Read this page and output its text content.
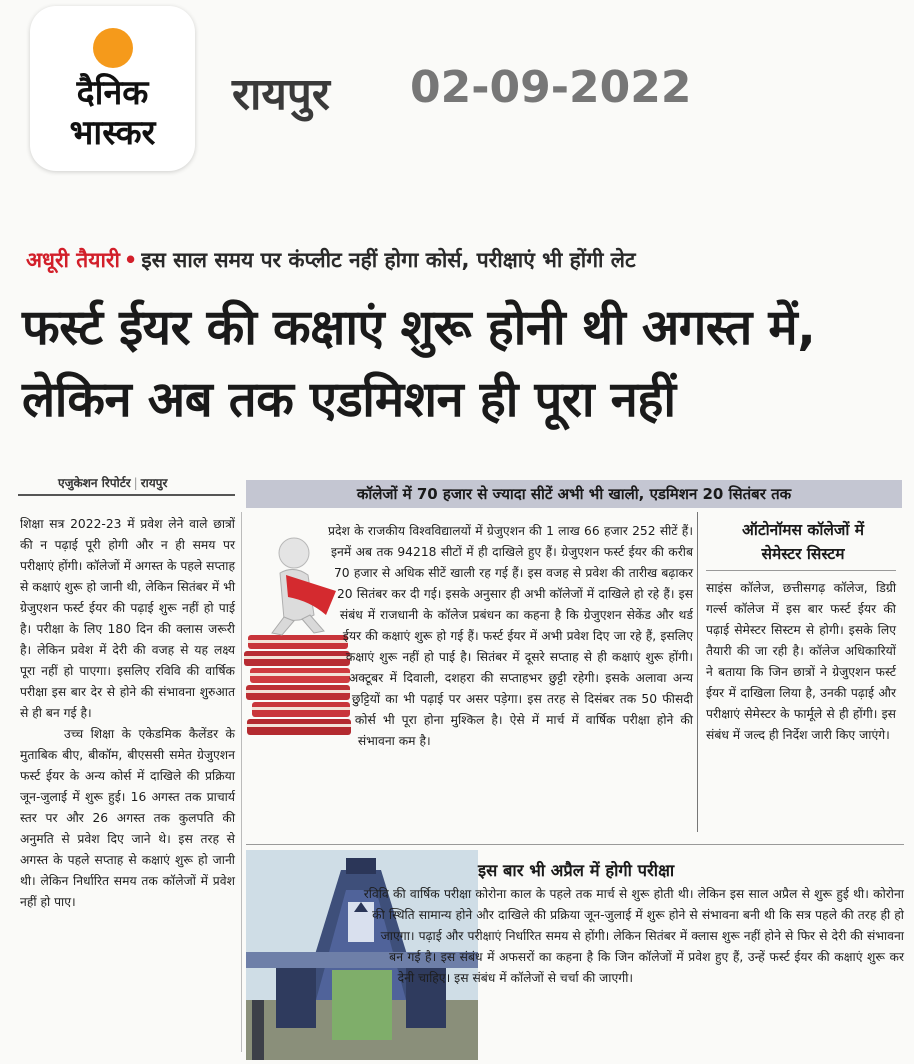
दैनिक
भास्कर
रायपुर 02-09-2022
अधूरी तैयारी • इस साल समय पर कंप्लीट नहीं होगा कोर्स, परीक्षाएं भी होंगी लेट
फर्स्ट ईयर की कक्षाएं शुरू होनी थी अगस्त में, लेकिन अब तक एडमिशन ही पूरा नहीं
एजुकेशन रिपोर्टर | रायपुर
कॉलेजों में 70 हजार से ज्यादा सीटें अभी भी खाली, एडमिशन 20 सितंबर तक

शिक्षा सत्र 2022-23 में प्रवेश लेने वाले छात्रों की न पढ़ाई पूरी होगी और न ही समय पर परीक्षाएं होंगी। कॉलेजों में अगस्त के पहले सप्ताह से कक्षाएं शुरू हो जानी थी, लेकिन सितंबर में भी ग्रेजुएशन फर्स्ट ईयर की पढ़ाई शुरू नहीं हो पाई है। परीक्षा के लिए 180 दिन की क्लास जरूरी है। लेकिन प्रवेश में देरी की वजह से यह लक्ष्य पूरा नहीं हो पाएगा। इसलिए रविवि की वार्षिक परीक्षा इस बार देर से होने की संभावना शुरुआत से ही बन गई है।

उच्च शिक्षा के एकेडमिक कैलेंडर के मुताबिक बीए, बीकॉम, बीएससी समेत ग्रेजुएशन फर्स्ट ईयर के अन्य कोर्स में दाखिले की प्रक्रिया जून-जुलाई में शुरू हुई। 16 अगस्त तक प्राचार्य स्तर पर और 26 अगस्त तक कुलपति की अनुमति से प्रवेश दिए जाने थे। इस तरह से अगस्त के पहले सप्ताह से कक्षाएं शुरू हो जानी थी। लेकिन निर्धारित समय तक कॉलेजों में प्रवेश नहीं हो पाए।

प्रदेश के राजकीय विश्वविद्यालयों में ग्रेजुएशन की 1 लाख 66 हजार 252 सीटें हैं। इनमें अब तक 94218 सीटों में ही दाखिले हुए हैं। ग्रेजुएशन फर्स्ट ईयर की करीब 70 हजार से अधिक सीटें खाली रह गई हैं। इस वजह से प्रवेश की तारीख बढ़ाकर 20 सितंबर कर दी गई। इसके अनुसार ही अभी कॉलेजों में दाखिले हो रहे हैं। इस संबंध में राजधानी के कॉलेज प्रबंधन का कहना है कि ग्रेजुएशन सेकेंड और थर्ड ईयर की कक्षाएं शुरू हो गई हैं। फर्स्ट ईयर में अभी प्रवेश दिए जा रहे हैं, इसलिए कक्षाएं शुरू नहीं हो पाई है। सितंबर में दूसरे सप्ताह से ही कक्षाएं शुरू होंगी। अक्टूबर में दिवाली, दशहरा की सप्ताहभर छुट्टी रहेगी। इसके अलावा अन्य छुट्टियों का भी पढ़ाई पर असर पड़ेगा। इस तरह से दिसंबर तक 50 फीसदी कोर्स भी पूरा होना मुश्किल है। ऐसे में मार्च में वार्षिक परीक्षा होने की संभावना कम है।

ऑटोनॉमस कॉलेजों में
सेमेस्टर सिस्टम

साइंस कॉलेज, छत्तीसगढ़ कॉलेज, डिग्री गर्ल्स कॉलेज में इस बार फर्स्ट ईयर की पढ़ाई सेमेस्टर सिस्टम से होगी। इसके लिए तैयारी की जा रही है। कॉलेज अधिकारियों ने बताया कि जिन छात्रों ने ग्रेजुएशन फर्स्ट ईयर में दाखिला लिया है, उनकी पढ़ाई और परीक्षाएं सेमेस्टर के फार्मूले से ही होंगी। इस संबंध में जल्द ही निर्देश जारी किए जाएंगे।

इस बार भी अप्रैल में होगी परीक्षा

रविवि की वार्षिक परीक्षा कोरोना काल के पहले तक मार्च से शुरू होती थी। लेकिन इस साल अप्रैल से शुरू हुई थी। कोरोना की स्थिति सामान्य होने और दाखिले की प्रक्रिया जून-जुलाई में शुरू होने से संभावना बनी थी कि सत्र पहले की तरह ही हो जाएगा। पढ़ाई और परीक्षाएं निर्धारित समय से होंगी। लेकिन सितंबर में क्लास शुरू नहीं होने से फिर से देरी की संभावना बन गई है। इस संबंध में अफसरों का कहना है कि जिन कॉलेजों में प्रवेश हुए हैं, उन्हें फर्स्ट ईयर की कक्षाएं शुरू कर देनी चाहिए। इस संबंध में कॉलेजों से चर्चा की जाएगी।
